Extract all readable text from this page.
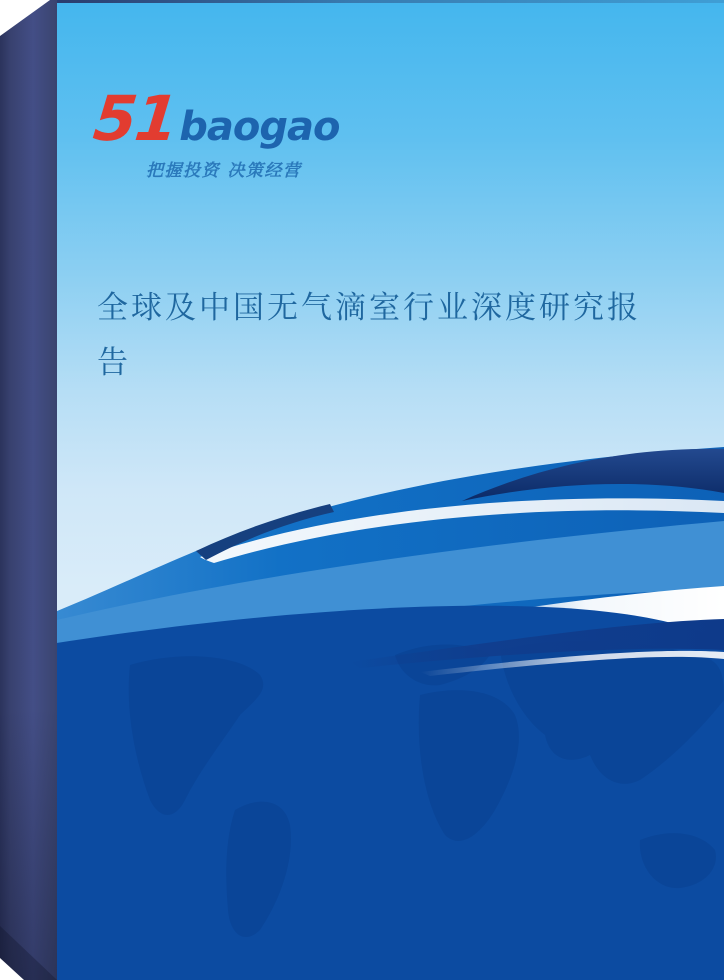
51 baogao
把握投资 决策经营
全球及中国无气滴室行业深度研究报告
